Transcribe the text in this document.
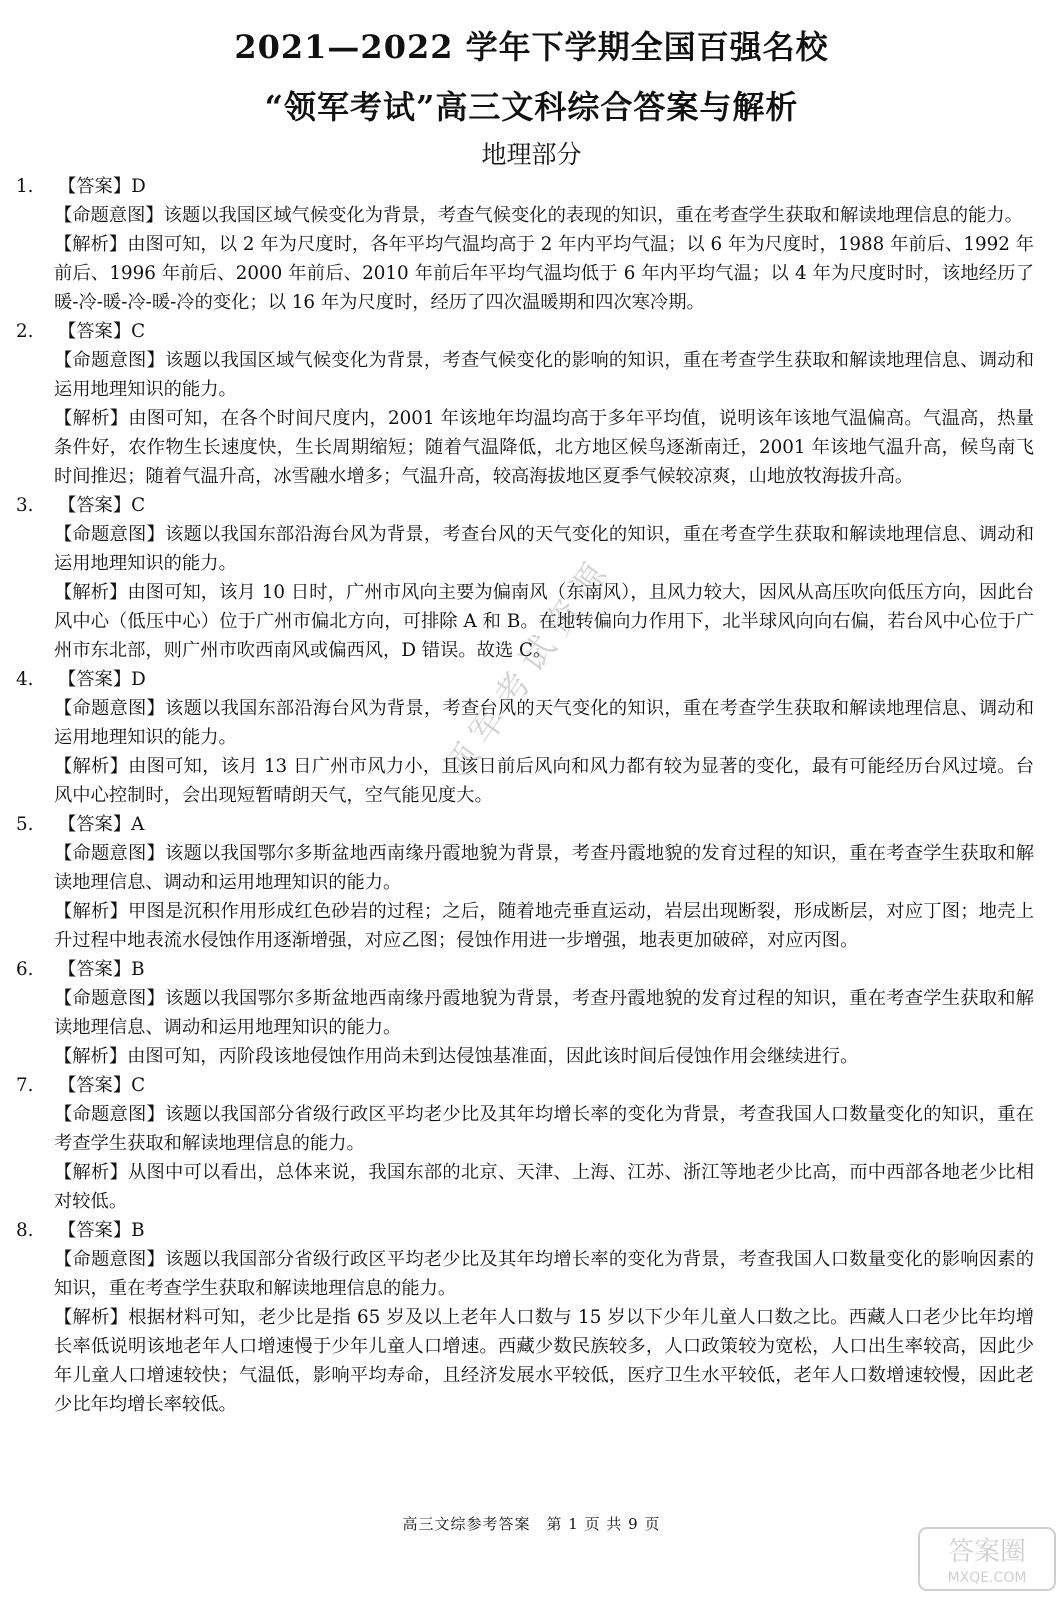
2021—2022 学年下学期全国百强名校
“领军考试”高三文科综合答案与解析
地理部分
1.	【答案】D

【命题意图】该题以我国区域气候变化为背景，考查气候变化的表现的知识，重在考查学生获取和解读地理信息的能力。

【解析】由图可知，以 2 年为尺度时，各年平均气温均高于 2 年内平均气温；以 6 年为尺度时，1988 年前后、1992 年前后、1996 年前后、2000 年前后、2010 年前后年平均气温均低于 6 年内平均气温；以 4 年为尺度时时，该地经历了暖-冷-暖-冷-暖-冷的变化；以 16 年为尺度时，经历了四次温暖期和四次寒冷期。

2.	【答案】C

【命题意图】该题以我国区域气候变化为背景，考查气候变化的影响的知识，重在考查学生获取和解读地理信息、调动和运用地理知识的能力。

【解析】由图可知，在各个时间尺度内，2001 年该地年均温均高于多年平均值，说明该年该地气温偏高。气温高，热量条件好，农作物生长速度快，生长周期缩短；随着气温降低，北方地区候鸟逐渐南迁，2001 年该地气温升高，候鸟南飞时间推迟；随着气温升高，冰雪融水增多；气温升高，较高海拔地区夏季气候较凉爽，山地放牧海拔升高。

3.	【答案】C

【命题意图】该题以我国东部沿海台风为背景，考查台风的天气变化的知识，重在考查学生获取和解读地理信息、调动和运用地理知识的能力。

【解析】由图可知，该月 10 日时，广州市风向主要为偏南风（东南风），且风力较大，因风从高压吹向低压方向，因此台风中心（低压中心）位于广州市偏北方向，可排除 A 和 B。在地转偏向力作用下，北半球风向向右偏，若台风中心位于广州市东北部，则广州市吹西南风或偏西风，D 错误。故选 C。

4.	【答案】D

【命题意图】该题以我国东部沿海台风为背景，考查台风的天气变化的知识，重在考查学生获取和解读地理信息、调动和运用地理知识的能力。

【解析】由图可知，该月 13 日广州市风力小，且该日前后风向和风力都有较为显著的变化，最有可能经历台风过境。台风中心控制时，会出现短暂晴朗天气，空气能见度大。

5.	【答案】A

【命题意图】该题以我国鄂尔多斯盆地西南缘丹霞地貌为背景，考查丹霞地貌的发育过程的知识，重在考查学生获取和解读地理信息、调动和运用地理知识的能力。

【解析】甲图是沉积作用形成红色砂岩的过程；之后，随着地壳垂直运动，岩层出现断裂，形成断层，对应丁图；地壳上升过程中地表流水侵蚀作用逐渐增强，对应乙图；侵蚀作用进一步增强，地表更加破碎，对应丙图。

6.	【答案】B

【命题意图】该题以我国鄂尔多斯盆地西南缘丹霞地貌为背景，考查丹霞地貌的发育过程的知识，重在考查学生获取和解读地理信息、调动和运用地理知识的能力。

【解析】由图可知，丙阶段该地侵蚀作用尚未到达侵蚀基准面，因此该时间后侵蚀作用会继续进行。

7.	【答案】C

【命题意图】该题以我国部分省级行政区平均老少比及其年均增长率的变化为背景，考查我国人口数量变化的知识，重在考查学生获取和解读地理信息的能力。

【解析】从图中可以看出，总体来说，我国东部的北京、天津、上海、江苏、浙江等地老少比高，而中西部各地老少比相对较低。

8.	【答案】B

【命题意图】该题以我国部分省级行政区平均老少比及其年均增长率的变化为背景，考查我国人口数量变化的影响因素的知识，重在考查学生获取和解读地理信息的能力。

【解析】根据材料可知，老少比是指 65 岁及以上老年人口数与 15 岁以下少年儿童人口数之比。西藏人口老少比年均增长率低说明该地老年人口增速慢于少年儿童人口增速。西藏少数民族较多，人口政策较为宽松，人口出生率较高，因此少年儿童人口增速较快；气温低，影响平均寿命，且经济发展水平较低，医疗卫生水平较低，老年人口数增速较慢，因此老少比年均增长率较低。

领军考试资源
高三文综参考答案　第 1 页 共 9 页
答案圈
MXQE.COM
